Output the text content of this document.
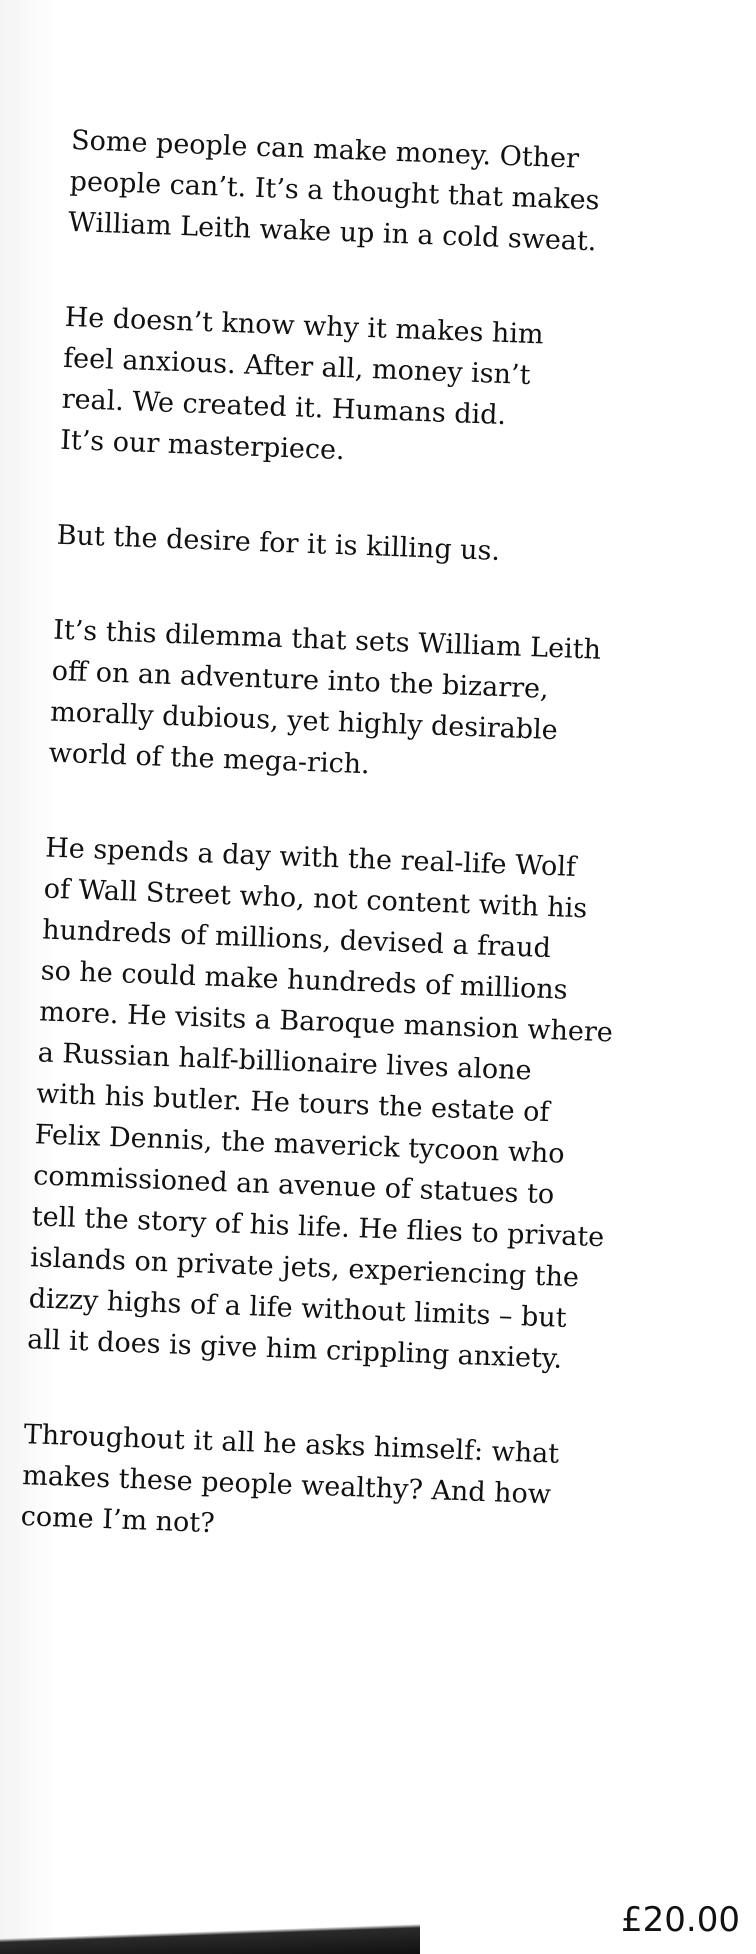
Some people can make money. Other
people can’t. It’s a thought that makes
William Leith wake up in a cold sweat.

He doesn’t know why it makes him
feel anxious. After all, money isn’t
real. We created it. Humans did.
It’s our masterpiece.

But the desire for it is killing us.

It’s this dilemma that sets William Leith
off on an adventure into the bizarre,
morally dubious, yet highly desirable
world of the mega-rich.

He spends a day with the real-life Wolf
of Wall Street who, not content with his
hundreds of millions, devised a fraud
so he could make hundreds of millions
more. He visits a Baroque mansion where
a Russian half-billionaire lives alone
with his butler. He tours the estate of
Felix Dennis, the maverick tycoon who
commissioned an avenue of statues to
tell the story of his life. He flies to private
islands on private jets, experiencing the
dizzy highs of a life without limits – but
all it does is give him crippling anxiety.

Throughout it all he asks himself: what
makes these people wealthy? And how
come I’m not?

£20.00
